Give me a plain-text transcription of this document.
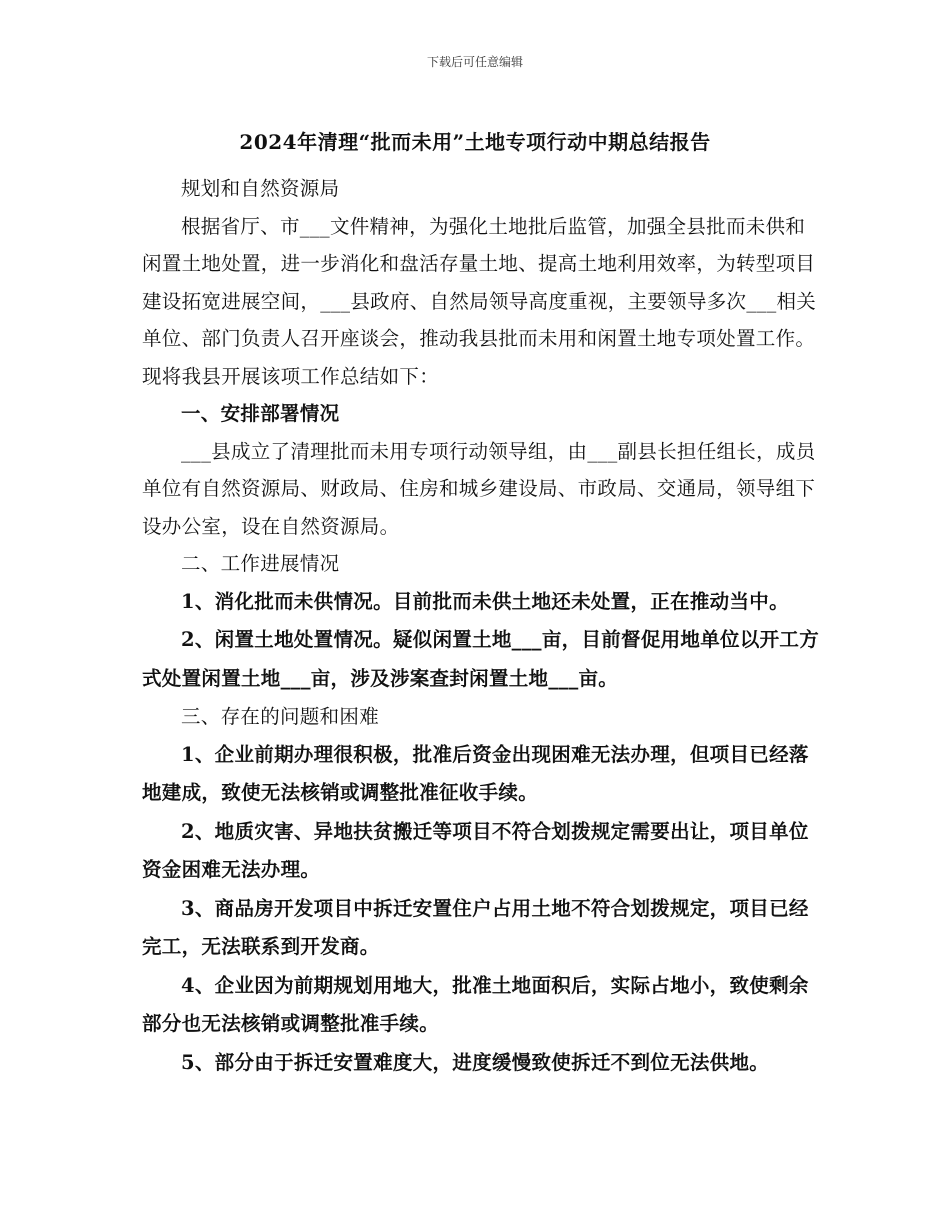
下载后可任意编辑
2024年清理“批而未用”土地专项行动中期总结报告

规划和自然资源局

根据省厅、市___文件精神，为强化土地批后监管，加强全县批而未供和闲置土地处置，进一步消化和盘活存量土地、提高土地利用效率，为转型项目建设拓宽进展空间，___县政府、自然局领导高度重视，主要领导多次___相关单位、部门负责人召开座谈会，推动我县批而未用和闲置土地专项处置工作。现将我县开展该项工作总结如下：

一、安排部署情况

___县成立了清理批而未用专项行动领导组，由___副县长担任组长，成员单位有自然资源局、财政局、住房和城乡建设局、市政局、交通局，领导组下设办公室，设在自然资源局。

二、工作进展情况

1、消化批而未供情况。目前批而未供土地还未处置，正在推动当中。

2、闲置土地处置情况。疑似闲置土地___亩，目前督促用地单位以开工方式处置闲置土地___亩，涉及涉案查封闲置土地___亩。

三、存在的问题和困难

1、企业前期办理很积极，批准后资金出现困难无法办理，但项目已经落地建成，致使无法核销或调整批准征收手续。

2、地质灾害、异地扶贫搬迁等项目不符合划拨规定需要出让，项目单位资金困难无法办理。

3、商品房开发项目中拆迁安置住户占用土地不符合划拨规定，项目已经完工，无法联系到开发商。

4、企业因为前期规划用地大，批准土地面积后，实际占地小，致使剩余部分也无法核销或调整批准手续。

5、部分由于拆迁安置难度大，进度缓慢致使拆迁不到位无法供地。
